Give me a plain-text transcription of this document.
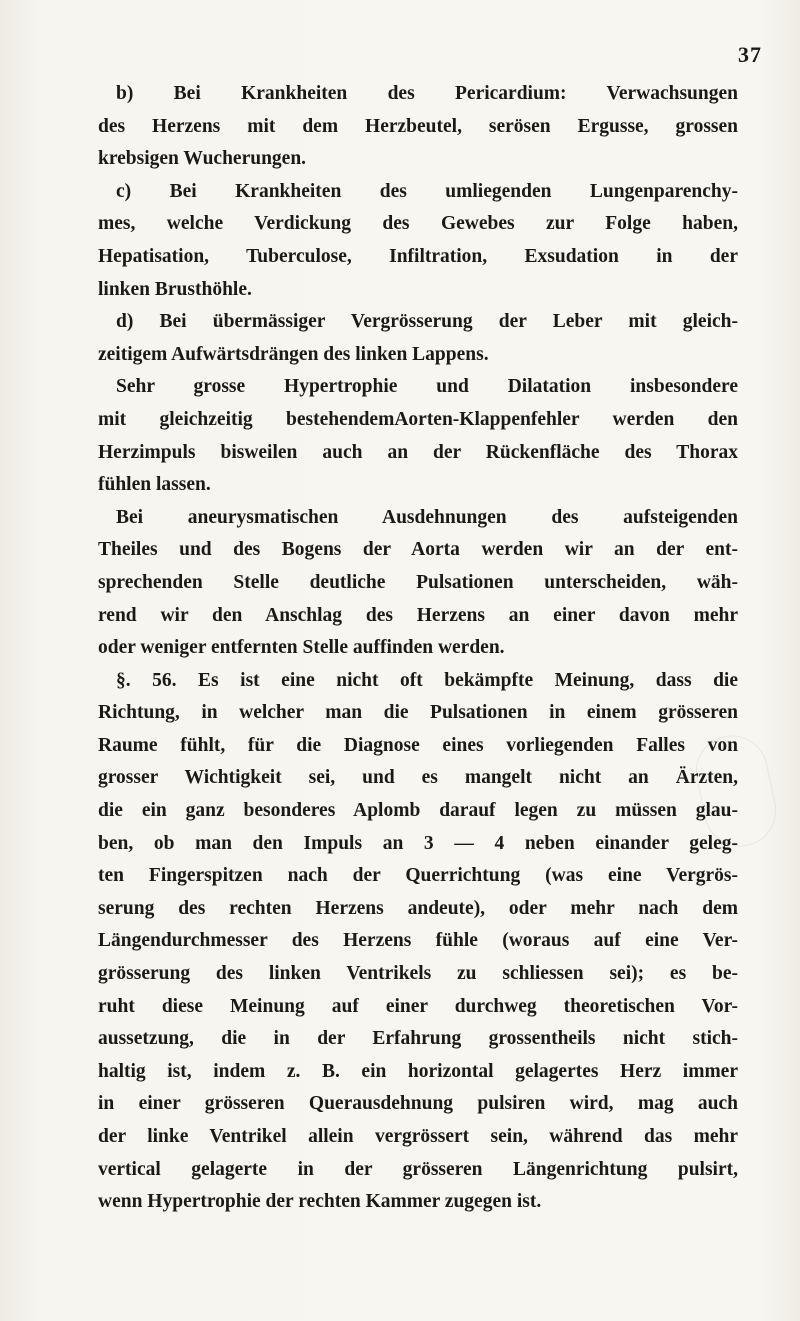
37
b) Bei Krankheiten des Pericardium: Verwachsungen
des Herzens mit dem Herzbeutel, serösen Ergusse, grossen
krebsigen Wucherungen.
c) Bei Krankheiten des umliegenden Lungenparenchy-
mes, welche Verdickung des Gewebes zur Folge haben,
Hepatisation, Tuberculose, Infiltration, Exsudation in der
linken Brusthöhle.
d) Bei übermässiger Vergrösserung der Leber mit gleich-
zeitigem Aufwärtsdrängen des linken Lappens.
Sehr grosse Hypertrophie und Dilatation insbesondere
mit gleichzeitig bestehendemAorten-Klappenfehler werden den
Herzimpuls bisweilen auch an der Rückenfläche des Thorax
fühlen lassen.
Bei aneurysmatischen Ausdehnungen des aufsteigenden
Theiles und des Bogens der Aorta werden wir an der ent-
sprechenden Stelle deutliche Pulsationen unterscheiden, wäh-
rend wir den Anschlag des Herzens an einer davon mehr
oder weniger entfernten Stelle auffinden werden.
§. 56. Es ist eine nicht oft bekämpfte Meinung, dass die
Richtung, in welcher man die Pulsationen in einem grösseren
Raume fühlt, für die Diagnose eines vorliegenden Falles von
grosser Wichtigkeit sei, und es mangelt nicht an Ärzten,
die ein ganz besonderes Aplomb darauf legen zu müssen glau-
ben, ob man den Impuls an 3 — 4 neben einander geleg-
ten Fingerspitzen nach der Querrichtung (was eine Vergrös-
serung des rechten Herzens andeute), oder mehr nach dem
Längendurchmesser des Herzens fühle (woraus auf eine Ver-
grösserung des linken Ventrikels zu schliessen sei); es be-
ruht diese Meinung auf einer durchweg theoretischen Vor-
aussetzung, die in der Erfahrung grossentheils nicht stich-
haltig ist, indem z. B. ein horizontal gelagertes Herz immer
in einer grösseren Querausdehnung pulsiren wird, mag auch
der linke Ventrikel allein vergrössert sein, während das mehr
vertical gelagerte in der grösseren Längenrichtung pulsirt,
wenn Hypertrophie der rechten Kammer zugegen ist.
